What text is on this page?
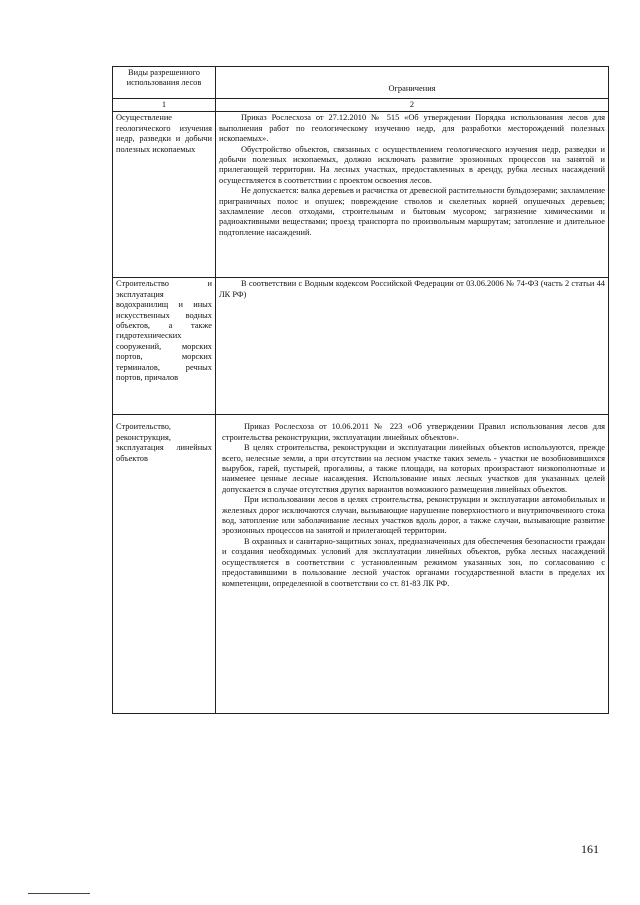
Виды разрешенного использования лесов	Ограничения
1	2
Осуществление геологического изучения недр, разведки и добычи полезных ископаемых	Приказ Рослесхоза от 27.12.2010 № 515 «Об утверждении Порядка использования лесов для выполнения работ по геологическому изучению недр, для разработки месторождений полезных ископаемых».

Обустройство объектов, связанных с осуществлением геологического изучения недр, разведки и добычи полезных ископаемых, должно исключать развитие эрозионных процессов на занятой и прилегающей территории. На лесных участках, предоставленных в аренду, рубка лесных насаждений осуществляется в соответствии с проектом освоения лесов.

Не допускается: валка деревьев и расчистка от древесной растительности бульдозерами; захламление приграничных полос и опушек; повреждение стволов и скелетных корней опушечных деревьев; захламление лесов отходами, строительным и бытовым мусором; загрязнение химическими и радиоактивными веществами; проезд транспорта по произвольным маршрутам; затопление и длительное подтопление насаждений.

Строительство и эксплуатация водохранилищ и иных искусственных водных объектов, а также гидротехнических сооружений, морских портов, морских терминалов, речных портов, причалов	В соответствии с Водным кодексом Российской Федерации от 03.06.2006 № 74-ФЗ (часть 2 статьи 44 ЛК РФ)

Строительство, реконструкция, эксплуатация линейных объектов	Приказ Рослесхоза от 10.06.2011 № 223 «Об утверждении Правил использования лесов для строительства реконструкции, эксплуатации линейных объектов».

В целях строительства, реконструкции и эксплуатации линейных объектов используются, прежде всего, нелесные земли, а при отсутствии на лесном участке таких земель - участки не возобновившихся вырубок, гарей, пустырей, прогалины, а также площади, на которых произрастают низкополнотные и наименее ценные лесные насаждения. Использование иных лесных участков для указанных целей допускается в случае отсутствия других вариантов возможного размещения линейных объектов.

При использовании лесов в целях строительства, реконструкции и эксплуатации автомобильных и железных дорог исключаются случаи, вызывающие нарушение поверхностного и внутрипочвенного стока вод, затопление или заболачивание лесных участков вдоль дорог, а также случаи, вызывающие развитие эрозионных процессов на занятой и прилегающей территории.

В охранных и санитарно-защитных зонах, предназначенных для обеспечения безопасности граждан и создания необходимых условий для эксплуатации линейных объектов, рубка лесных насаждений осуществляется в соответствии с установленным режимом указанных зон, по согласованию с предоставившими в пользование лесной участок органами государственной власти в пределах их компетенции, определенной в соответствии со ст. 81-83 ЛК РФ.

161
